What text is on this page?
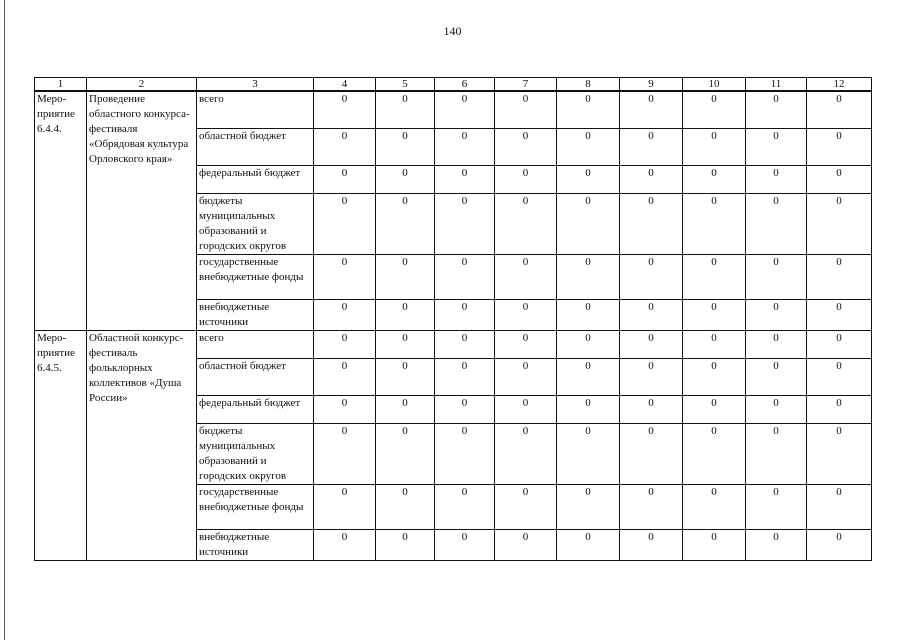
140
1	2	3	4	5	6	7	8	9	10	11	12

Меро-
приятие
6.4.4.	Проведение областного конкурса-фестиваля «Обрядовая культура Орловского края»	всего	0	0	0	0	0	0	0	0	0
		областной бюджет	0	0	0	0	0	0	0	0	0
		федеральный бюджет	0	0	0	0	0	0	0	0	0
		бюджеты муниципальных образований и городских округов	0	0	0	0	0	0	0	0	0
		государственные внебюджетные фонды	0	0	0	0	0	0	0	0	0
		внебюджетные источники	0	0	0	0	0	0	0	0	0

Меро-
приятие
6.4.5.	Областной конкурс-фестиваль фольклорных коллективов «Душа России»	всего	0	0	0	0	0	0	0	0	0
		областной бюджет	0	0	0	0	0	0	0	0	0
		федеральный бюджет	0	0	0	0	0	0	0	0	0
		бюджеты муниципальных образований и городских округов	0	0	0	0	0	0	0	0	0
		государственные внебюджетные фонды	0	0	0	0	0	0	0	0	0
		внебюджетные источники	0	0	0	0	0	0	0	0	0
